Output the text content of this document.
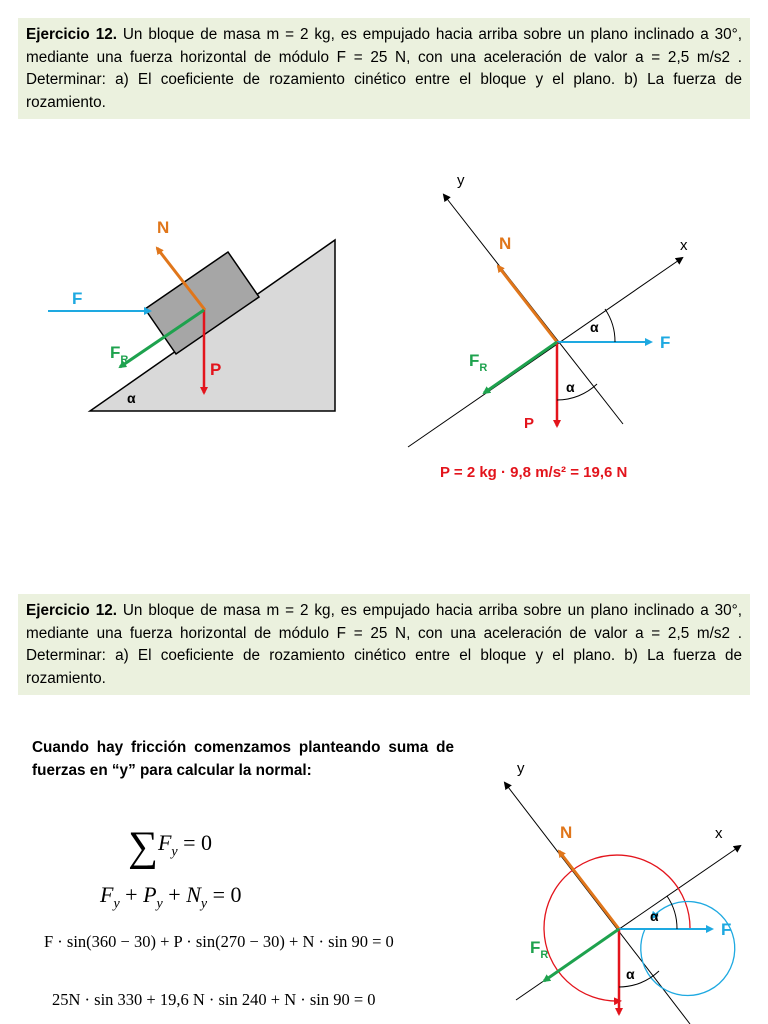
Ejercicio 12. Un bloque de masa m = 2 kg, es empujado hacia arriba sobre un plano inclinado a 30°, mediante una fuerza horizontal de módulo F = 25 N, con una aceleración de valor a = 2,5 m/s2 . Determinar: a) El coeficiente de rozamiento cinético entre el bloque y el plano. b) La fuerza de rozamiento.
F
N
P
$F_R$
α
y
x
N
F
P
$F_R$
α
α
P = 2 kg · 9,8 m/s² = 19,6 N
y
x
N
F
$F_R$
α
α
Ejercicio 12. Un bloque de masa m = 2 kg, es empujado hacia arriba sobre un plano inclinado a 30°, mediante una fuerza horizontal de módulo F = 25 N, con una aceleración de valor a = 2,5 m/s2 . Determinar: a) El coeficiente de rozamiento cinético entre el bloque y el plano. b) La fuerza de rozamiento.
Cuando hay fricción comenzamos planteando suma de fuerzas en “y” para calcular la normal:
$\sum F_y = 0$
$F_y + P_y + N_y = 0$
F · sin(360 − 30) + P · sin(270 − 30) + N · sin 90 = 0
25N · sin 330 + 19,6 N · sin 240 + N · sin 90 = 0
